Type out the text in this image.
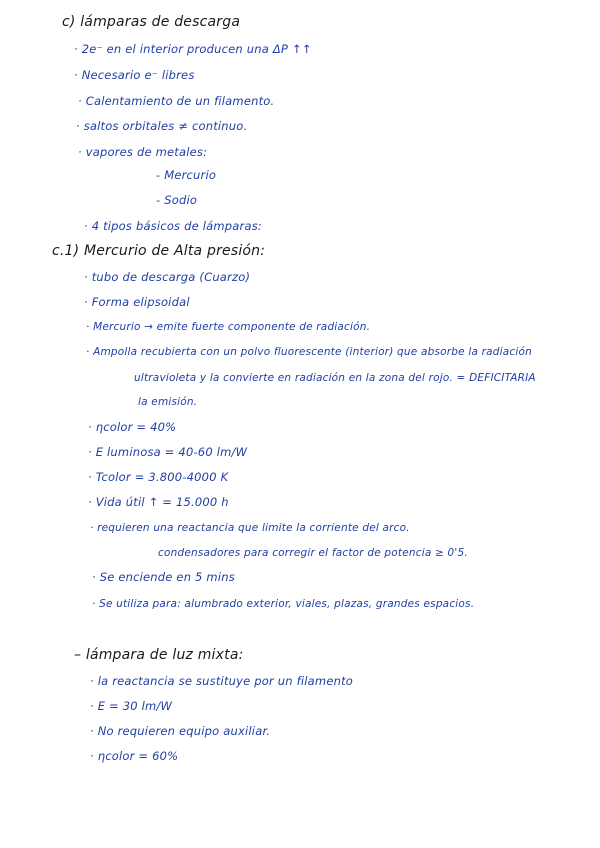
c) lámparas de descarga
· 2e⁻ en el interior producen una ΔP ↑↑
· Necesario e⁻ libres
· Calentamiento de un filamento.
· saltos orbitales ≠ continuo.
· vapores de metales:
- Mercurio
- Sodio
· 4 tipos básicos de lámparas:
c.1) Mercurio de Alta presión:
· tubo de descarga (Cuarzo)
· Forma elipsoidal
· Mercurio → emite fuerte componente de radiación.
· Ampolla recubierta con un polvo fluorescente (interior) que absorbe la radiación
ultravioleta y la convierte en radiación en la zona del rojo. = DEFICITARIA
la emisión.
· ηcolor = 40%
· E luminosa = 40-60 lm/W
· Tcolor = 3.800-4000 K
· Vida útil ↑ = 15.000 h
· requieren una reactancia que limite la corriente del arco.
condensadores para corregir el factor de potencia ≥ 0'5.
· Se enciende en 5 mins
· Se utiliza para: alumbrado exterior, viales, plazas, grandes espacios.
– lámpara de luz mixta:
· la reactancia se sustituye por un filamento
· E = 30 lm/W
· No requieren equipo auxiliar.
· ηcolor = 60%
